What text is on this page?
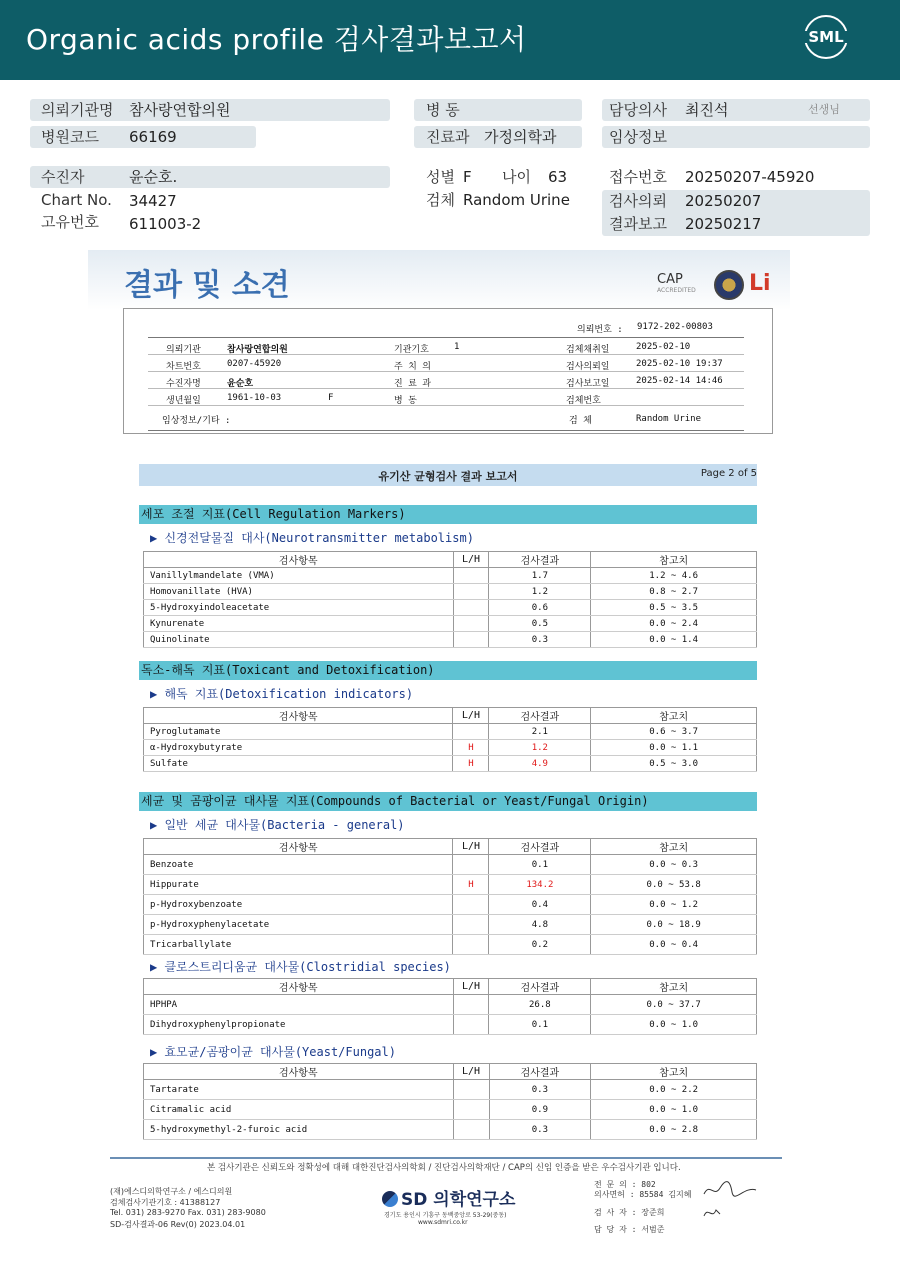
Organic acids profile 검사결과보고서	SML
의뢰기관명 참사랑연합의원
병원코드 66169
병 동
진료과 가정의학과
담당의사 최진석	선생님
임상정보
수진자	윤순호.
Chart No. 34427
고유번호 611003-2
성별 F 나이 63
검체 Random Urine
접수번호 20250207-45920
검사의뢰 20250207
결과보고 20250217
결과 및 소견	CAP
ACCREDITED Li
의뢰번호 : 9172-202-00803
의뢰기관	참사랑연합의원	기관기호	1	검체채취일	2025-02-10
차트번호	0207-45920	주 치 의	검사의뢰일	2025-02-10 19:37
수진자명	윤순호	진 료 과	검사보고일	2025-02-14 14:46
생년월일	1961-10-03	F	병 동	검체번호
임상정보/기타 :	검 체	Random Urine
유기산 균형검사 결과 보고서	Page 2 of 5
세포 조절 지표(Cell Regulation Markers)
▶ 신경전달물질 대사(Neurotransmitter metabolism)
검사항목	L/H	검사결과	참고치
Vanillylmandelate (VMA)		1.7	1.2 ~ 4.6
Homovanillate (HVA)		1.2	0.8 ~ 2.7
5-Hydroxyindoleacetate		0.6	0.5 ~ 3.5
Kynurenate		0.5	0.0 ~ 2.4
Quinolinate		0.3	0.0 ~ 1.4
독소-해독 지표(Toxicant and Detoxification)
▶ 해독 지표(Detoxification indicators)
검사항목	L/H	검사결과	참고치
Pyroglutamate		2.1	0.6 ~ 3.7
α-Hydroxybutyrate	H	1.2	0.0 ~ 1.1
Sulfate	H	4.9	0.5 ~ 3.0
세균 및 곰팡이균 대사물 지표(Compounds of Bacterial or Yeast/Fungal Origin)
▶ 일반 세균 대사물(Bacteria - general)
검사항목	L/H	검사결과	참고치
Benzoate		0.1	0.0 ~ 0.3
Hippurate	H	134.2	0.0 ~ 53.8
p-Hydroxybenzoate		0.4	0.0 ~ 1.2
p-Hydroxyphenylacetate		4.8	0.0 ~ 18.9
Tricarballylate		0.2	0.0 ~ 0.4
▶ 클로스트리디움균 대사물(Clostridial species)
검사항목	L/H	검사결과	참고치
HPHPA		26.8	0.0 ~ 37.7
Dihydroxyphenylpropionate		0.1	0.0 ~ 1.0
▶ 효모균/곰팡이균 대사물(Yeast/Fungal)
검사항목	L/H	검사결과	참고치
Tartarate		0.3	0.0 ~ 2.2
Citramalic acid		0.9	0.0 ~ 1.0
5-hydroxymethyl-2-furoic acid		0.3	0.0 ~ 2.8
본 검사기관은 신뢰도와 정확성에 대해 대한진단검사의학회 / 진단검사의학재단 / CAP의 신임 인증을 받은 우수검사기관 입니다.
(재)에스디의학연구소 / 에스디의원
검체검사기관기호 : 41388127
Tel. 031) 283-9270 Fax. 031) 283-9080
SD-검사결과-06 Rev(0) 2023.04.01
SD 의학연구소
경기도 용인시 기흥구 동백중앙로 53-29(중동)
www.sdmri.co.kr
전 문 의 : 802
의사면허 : 85584 김지혜
검 사 자 : 장준희
담 당 자 : 서범준
